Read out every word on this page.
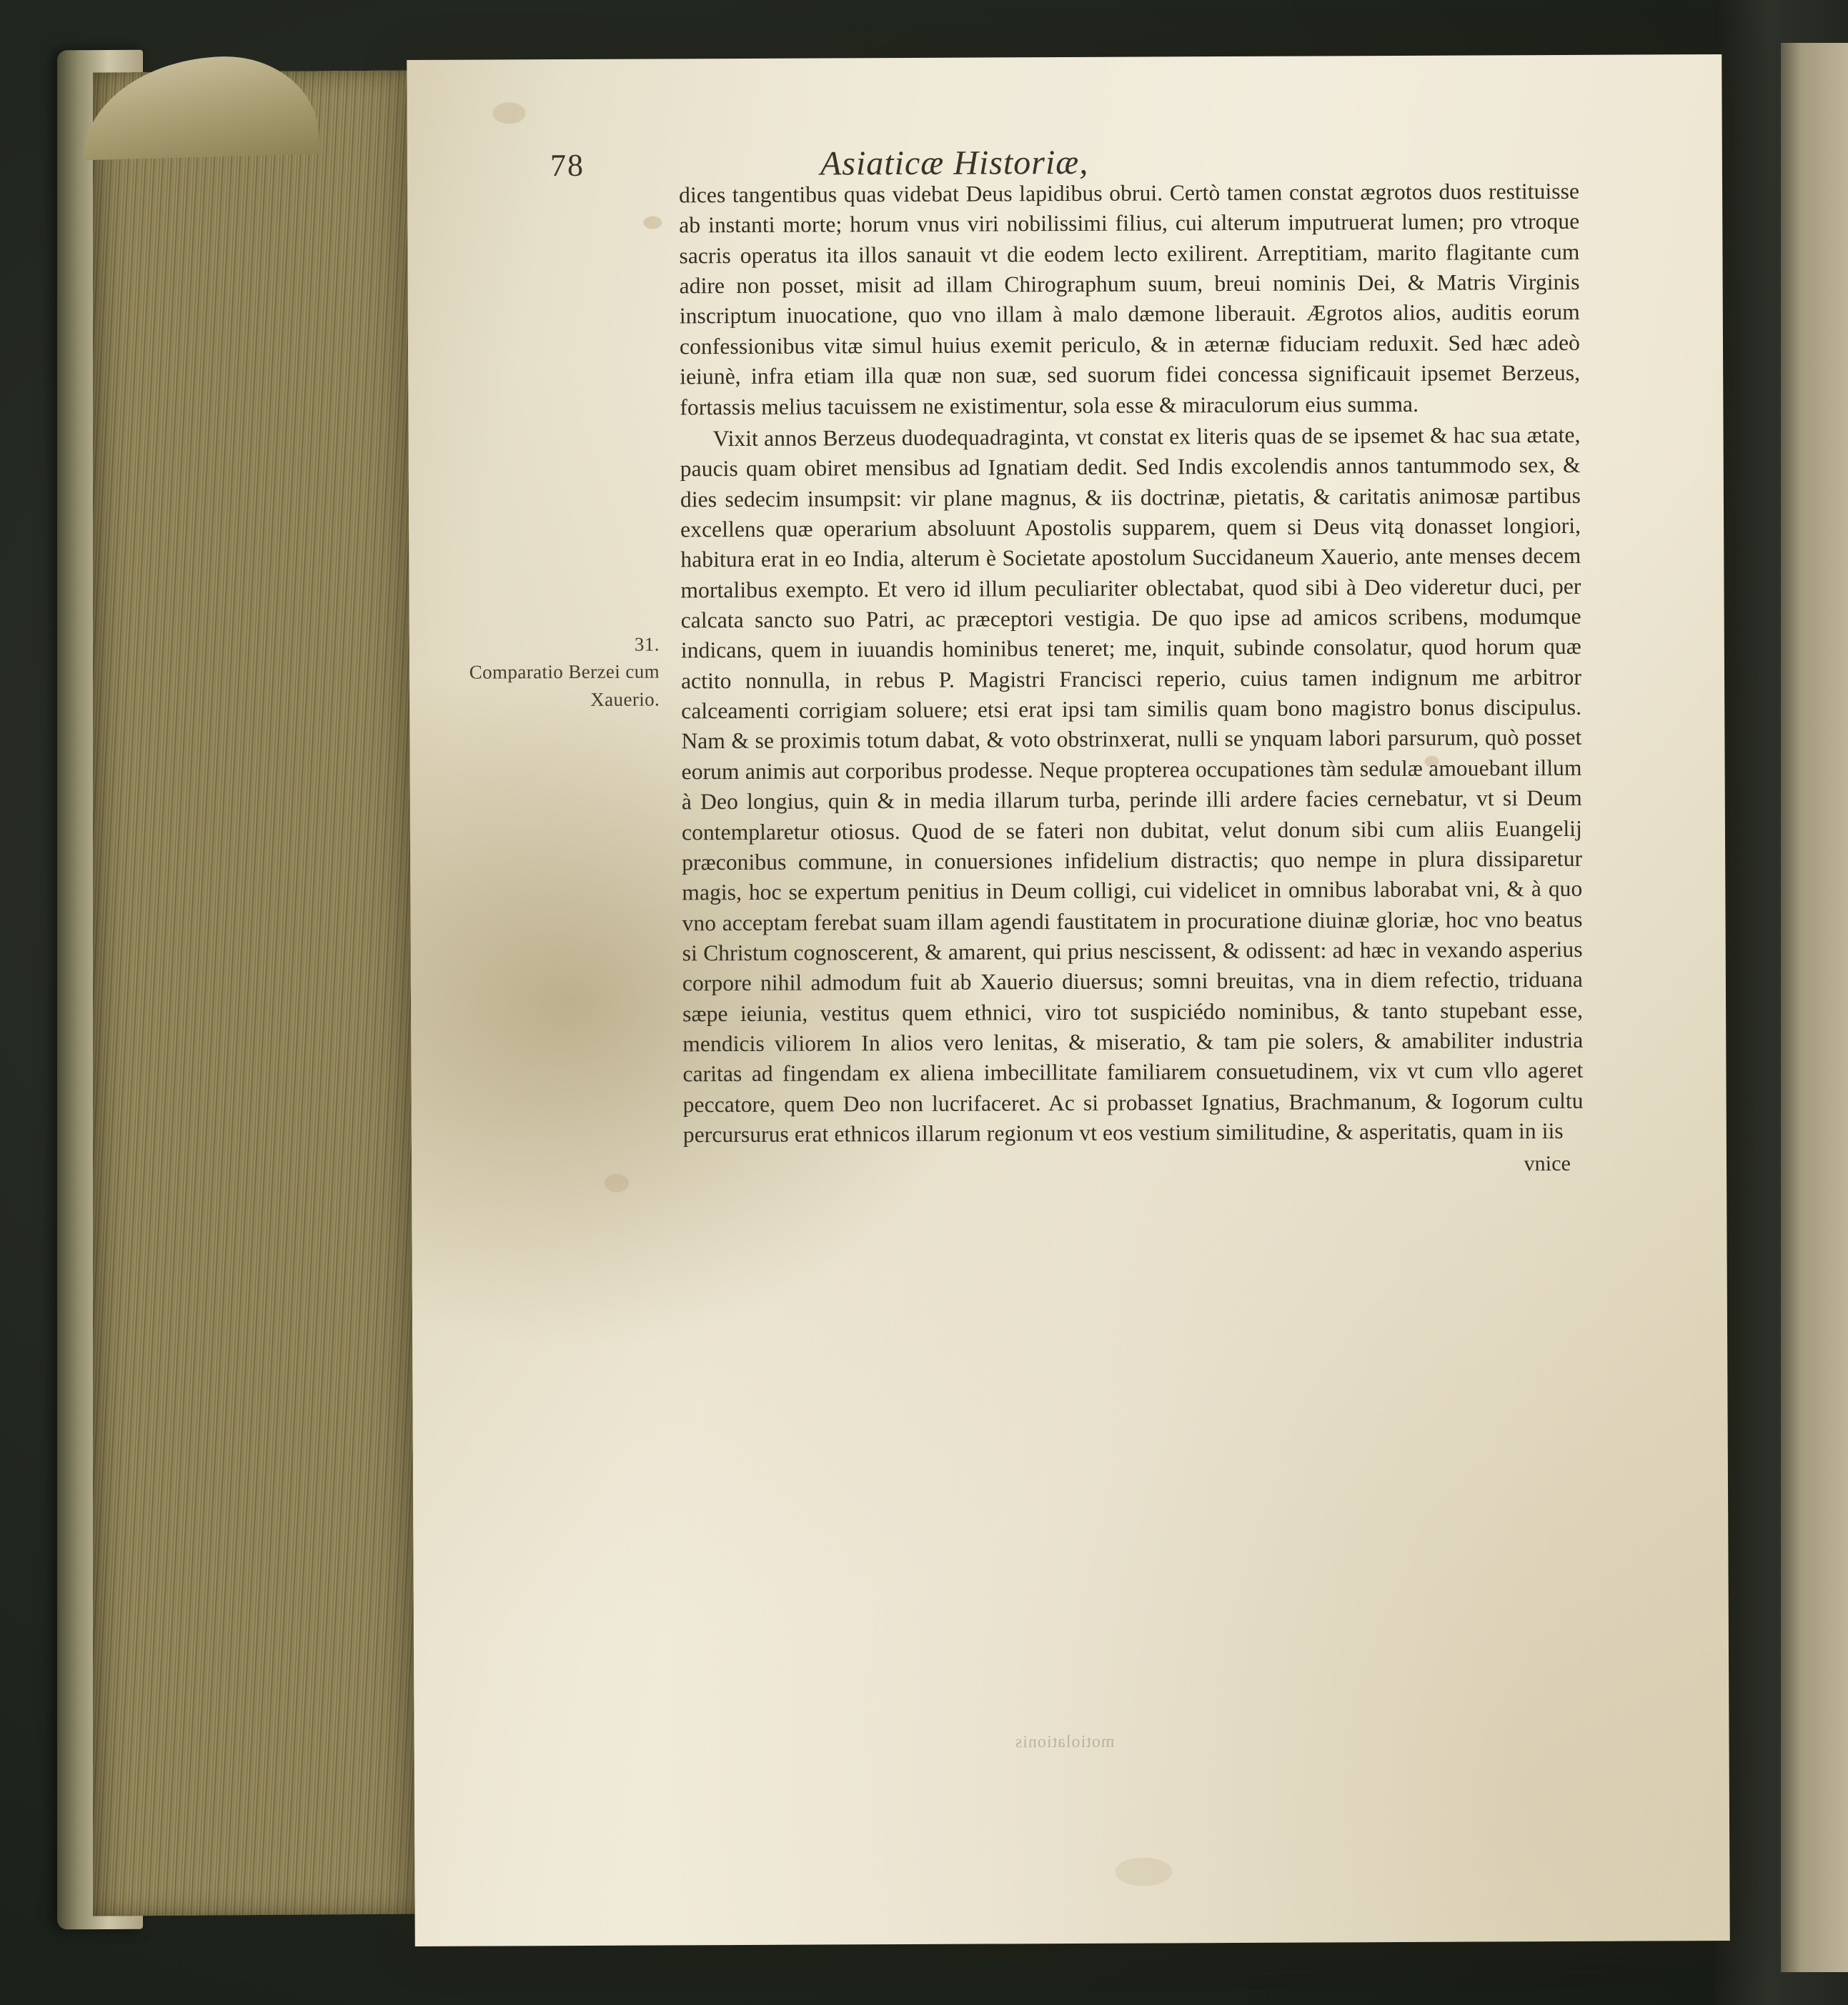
78	Asiaticæ Historiæ,
31.
Comparatio Berzei cum Xauerio.

dices tangentibus quas videbat Deus lapidibus obrui. Certò tamen constat ægrotos duos restituisse ab instanti morte; horum vnus viri nobilissimi filius, cui alterum imputruerat lumen; pro vtroque sacris operatus ita illos sanauit vt die eodem lecto exilirent. Arreptitiam, marito flagitante cum adire non posset, misit ad illam Chirographum suum, breui nominis Dei, & Matris Virginis inscriptum inuocatione, quo vno illam à malo dæmone liberauit. Ægrotos alios, auditis eorum confessionibus vitæ simul huius exemit periculo, & in æternæ fiduciam reduxit. Sed hæc adeò ieiunè, infra etiam illa quæ non suæ, sed suorum fidei concessa significauit ipsemet Berzeus, fortassis melius tacuissem ne existimentur, sola esse & miraculorum eius summa.

Vixit annos Berzeus duodequadraginta, vt constat ex literis quas de se ipsemet & hac sua ætate, paucis quam obiret mensibus ad Ignatiam dedit. Sed Indis excolendis annos tantummodo sex, & dies sedecim insumpsit: vir plane magnus, & iis doctrinæ, pietatis, & caritatis animosæ partibus excellens quæ operarium absoluunt Apostolis supparem, quem si Deus vitą donasset longiori, habitura erat in eo India, alterum è Societate apostolum Succidaneum Xauerio, ante menses decem mortalibus exempto. Et vero id illum peculiariter oblectabat, quod sibi à Deo videretur duci, per calcata sancto suo Patri, ac præceptori vestigia. De quo ipse ad amicos scribens, modumque indicans, quem in iuuandis hominibus teneret; me, inquit, subinde consolatur, quod horum quæ actito nonnulla, in rebus P. Magistri Francisci reperio, cuius tamen indignum me arbitror calceamenti corrigiam soluere; etsi erat ipsi tam similis quam bono magistro bonus discipulus. Nam & se proximis totum dabat, & voto obstrinxerat, nulli se ynquam labori parsurum, quò posset eorum animis aut corporibus prodesse. Neque propterea occupationes tàm sedulæ amouebant illum à Deo longius, quin & in media illarum turba, perinde illi ardere facies cernebatur, vt si Deum contemplaretur otiosus. Quod de se fateri non dubitat, velut donum sibi cum aliis Euangelij præconibus commune, in conuersiones infidelium distractis; quo nempe in plura dissiparetur magis, hoc se expertum penitius in Deum colligi, cui videlicet in omnibus laborabat vni, & à quo vno acceptam ferebat suam illam agendi faustitatem in procuratione diuinæ gloriæ, hoc vno beatus si Christum cognoscerent, & amarent, qui prius nescissent, & odissent: ad hæc in vexando asperius corpore nihil admodum fuit ab Xauerio diuersus; somni breuitas, vna in diem refectio, triduana sæpe ieiunia, vestitus quem ethnici, viro tot suspiciédo nominibus, & tanto stupebant esse, mendicis viliorem In alios vero lenitas, & miseratio, & tam pie solers, & amabiliter industria caritas ad fingendam ex aliena imbecillitate familiarem consuetudinem, vix vt cum vllo ageret peccatore, quem Deo non lucrifaceret. Ac si probasset Ignatius, Brachmanum, & Iogorum cultu percursurus erat ethnicos illarum regionum vt eos vestium similitudine, & asperitatis, quam in iis

vnice
motiolationis
